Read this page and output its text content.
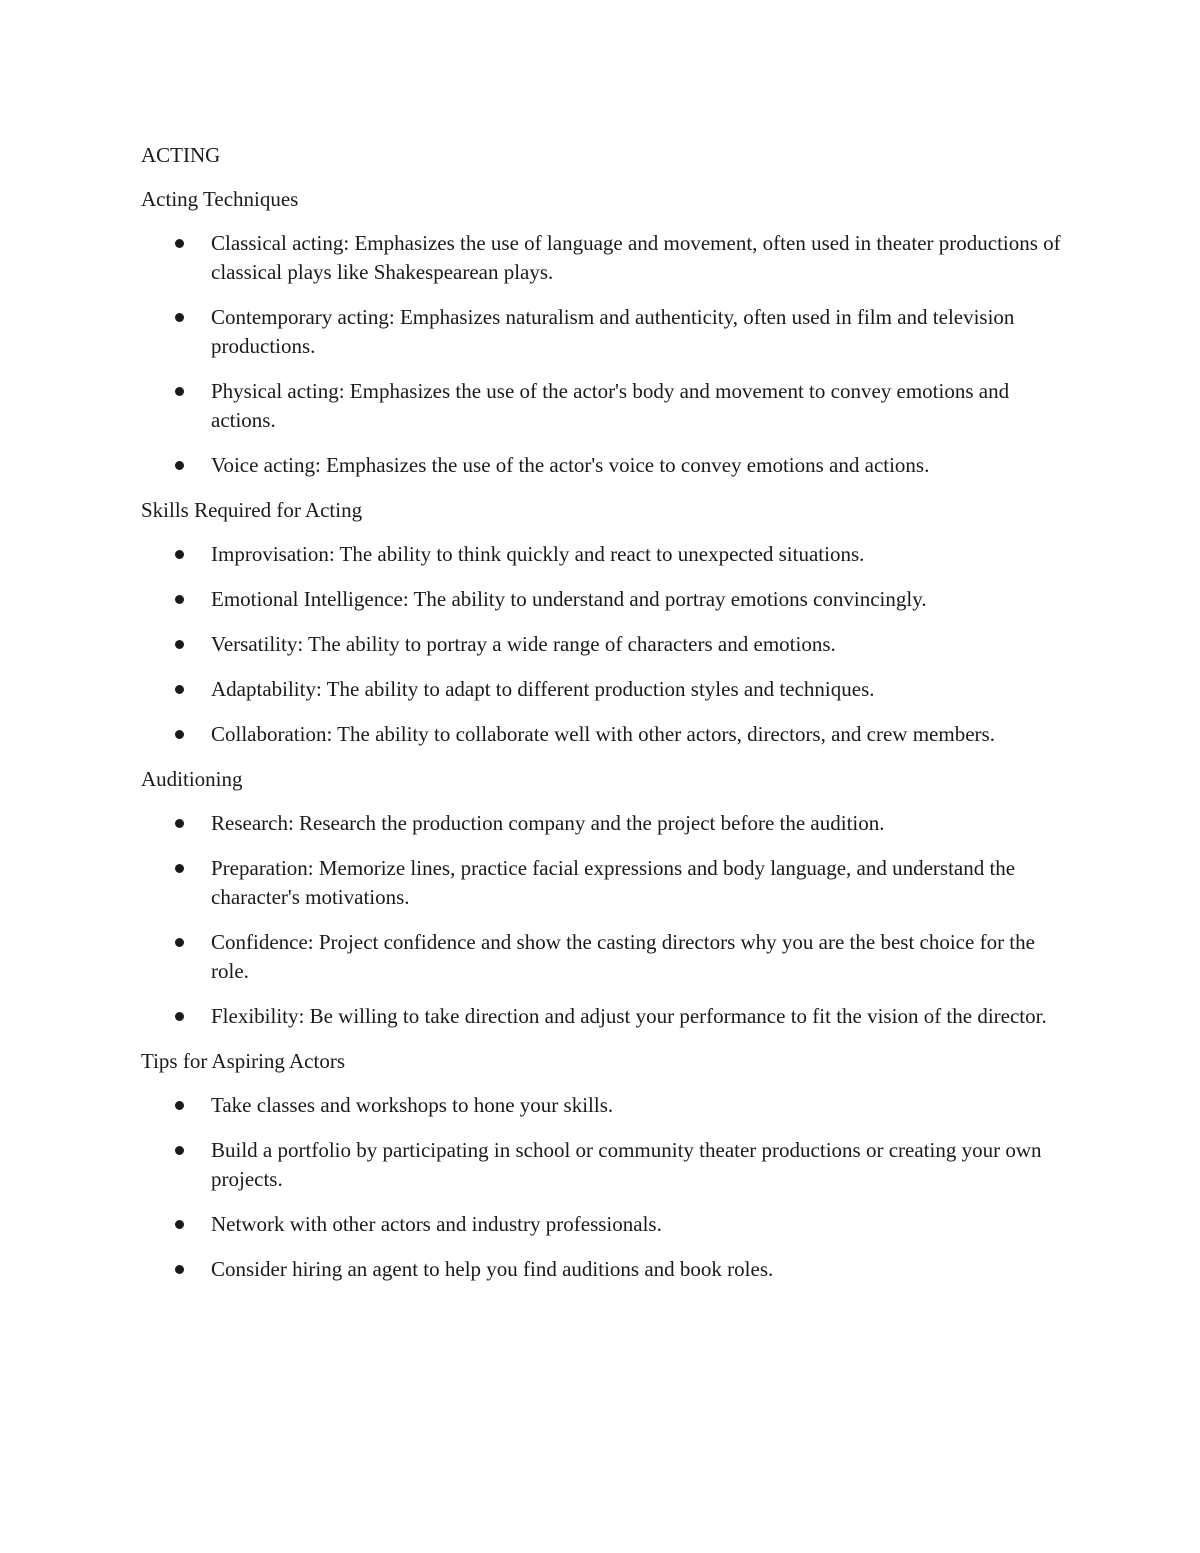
ACTING
Acting Techniques
Classical acting: Emphasizes the use of language and movement, often used in theater productions of classical plays like Shakespearean plays.
Contemporary acting: Emphasizes naturalism and authenticity, often used in film and television productions.
Physical acting: Emphasizes the use of the actor's body and movement to convey emotions and actions.
Voice acting: Emphasizes the use of the actor's voice to convey emotions and actions.
Skills Required for Acting
Improvisation: The ability to think quickly and react to unexpected situations.
Emotional Intelligence: The ability to understand and portray emotions convincingly.
Versatility: The ability to portray a wide range of characters and emotions.
Adaptability: The ability to adapt to different production styles and techniques.
Collaboration: The ability to collaborate well with other actors, directors, and crew members.
Auditioning
Research: Research the production company and the project before the audition.
Preparation: Memorize lines, practice facial expressions and body language, and understand the character's motivations.
Confidence: Project confidence and show the casting directors why you are the best choice for the role.
Flexibility: Be willing to take direction and adjust your performance to fit the vision of the director.
Tips for Aspiring Actors
Take classes and workshops to hone your skills.
Build a portfolio by participating in school or community theater productions or creating your own projects.
Network with other actors and industry professionals.
Consider hiring an agent to help you find auditions and book roles.
